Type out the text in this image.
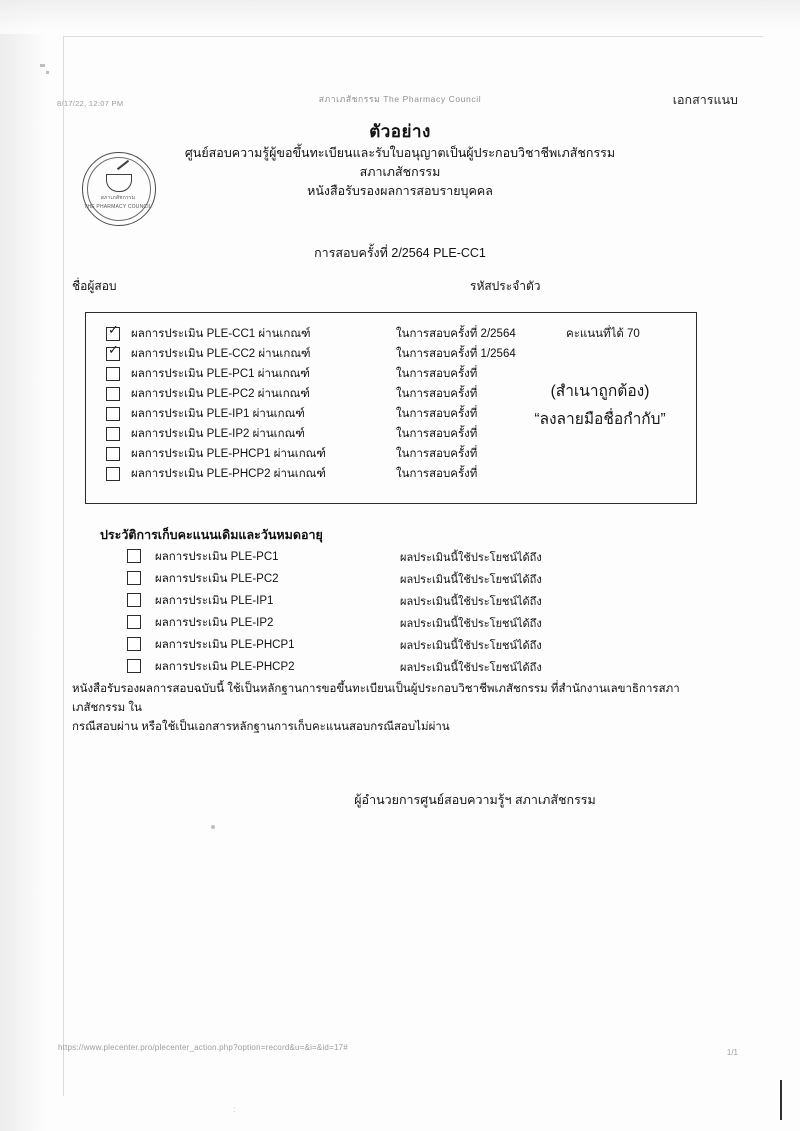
8/17/22, 12:07 PM	สภาเภสัชกรรม The Pharmacy Council	เอกสารแนบ
ตัวอย่าง
ศูนย์สอบความรู้ผู้ขอขึ้นทะเบียนและรับใบอนุญาตเป็นผู้ประกอบวิชาชีพเภสัชกรรม
สภาเภสัชกรรม
หนังสือรับรองผลการสอบรายบุคคล
การสอบครั้งที่ 2/2564 PLE-CC1
สภาเภสัชกรรม
THE PHARMACY COUNCIL
ชื่อผู้สอบ	รหัสประจำตัว
✓ ผลการประเมิน PLE-CC1 ผ่านเกณฑ์	ในการสอบครั้งที่ 2/2564	คะแนนที่ได้ 70
✓ ผลการประเมิน PLE-CC2 ผ่านเกณฑ์	ในการสอบครั้งที่ 1/2564
ผลการประเมิน PLE-PC1 ผ่านเกณฑ์	ในการสอบครั้งที่
ผลการประเมิน PLE-PC2 ผ่านเกณฑ์	ในการสอบครั้งที่
ผลการประเมิน PLE-IP1 ผ่านเกณฑ์	ในการสอบครั้งที่
ผลการประเมิน PLE-IP2 ผ่านเกณฑ์	ในการสอบครั้งที่
ผลการประเมิน PLE-PHCP1 ผ่านเกณฑ์	ในการสอบครั้งที่
ผลการประเมิน PLE-PHCP2 ผ่านเกณฑ์	ในการสอบครั้งที่
(สำเนาถูกต้อง)
“ลงลายมือชื่อกำกับ”
ประวัติการเก็บคะแนนเดิมและวันหมดอายุ
ผลการประเมิน PLE-PC1	ผลประเมินนี้ใช้ประโยชน์ได้ถึง
ผลการประเมิน PLE-PC2	ผลประเมินนี้ใช้ประโยชน์ได้ถึง
ผลการประเมิน PLE-IP1	ผลประเมินนี้ใช้ประโยชน์ได้ถึง
ผลการประเมิน PLE-IP2	ผลประเมินนี้ใช้ประโยชน์ได้ถึง
ผลการประเมิน PLE-PHCP1	ผลประเมินนี้ใช้ประโยชน์ได้ถึง
ผลการประเมิน PLE-PHCP2	ผลประเมินนี้ใช้ประโยชน์ได้ถึง
หนังสือรับรองผลการสอบฉบับนี้ ใช้เป็นหลักฐานการขอขึ้นทะเบียนเป็นผู้ประกอบวิชาชีพเภสัชกรรม ที่สำนักงานเลขาธิการสภาเภสัชกรรม ใน
กรณีสอบผ่าน หรือใช้เป็นเอกสารหลักฐานการเก็บคะแนนสอบกรณีสอบไม่ผ่าน
ผู้อำนวยการศูนย์สอบความรู้ฯ สภาเภสัชกรรม
https://www.plecenter.pro/plecenter_action.php?option=record&u=&i=&id=17#
1/1
:
